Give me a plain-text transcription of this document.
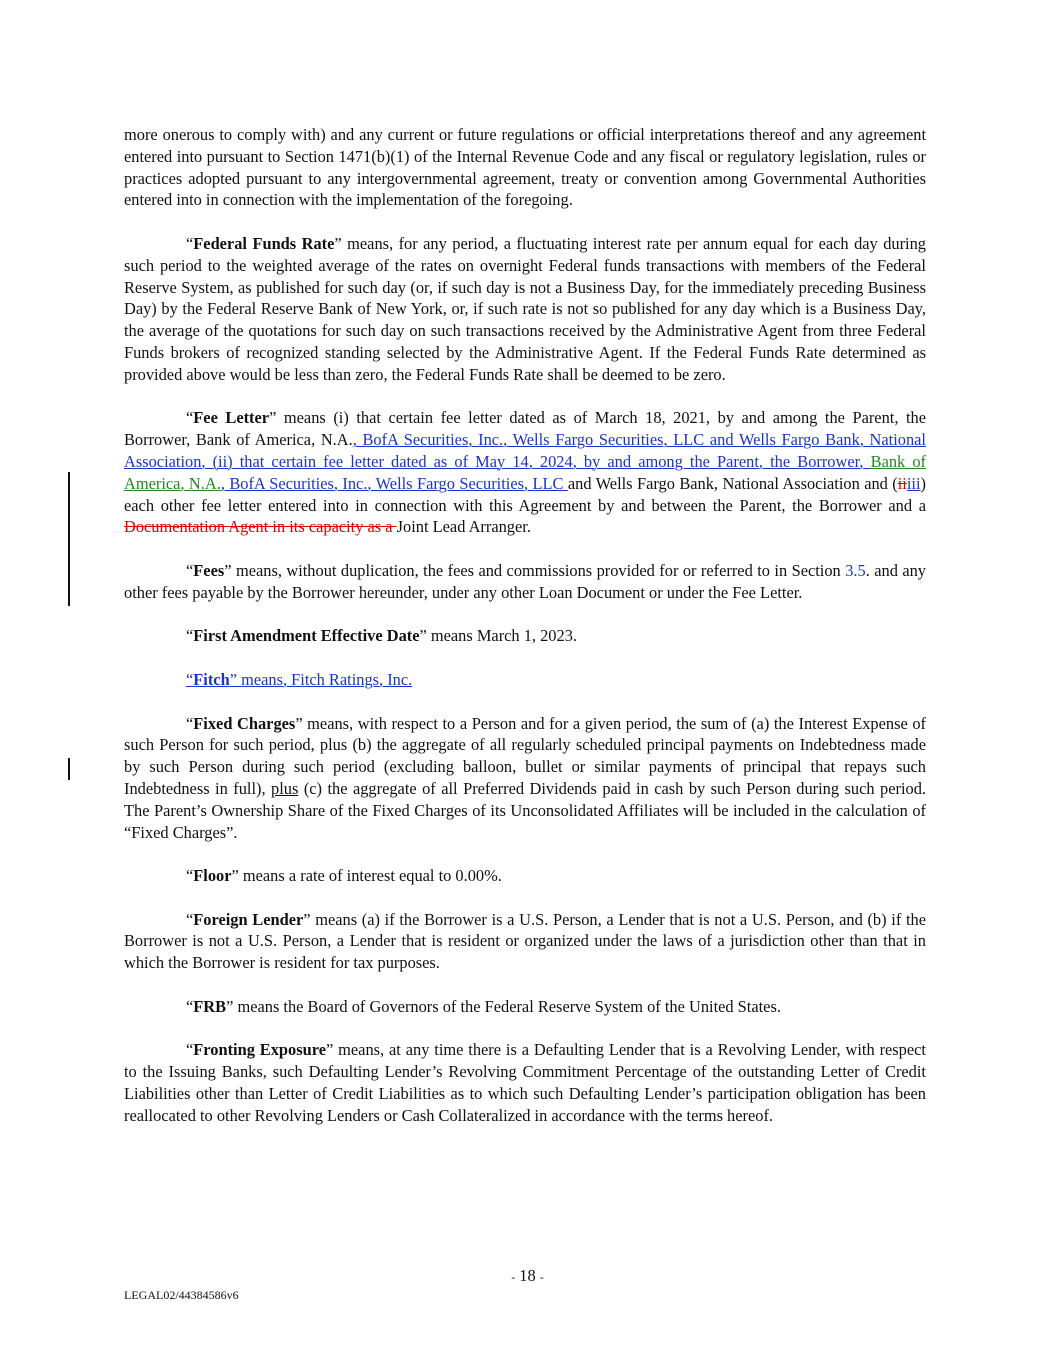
more onerous to comply with) and any current or future regulations or official interpretations thereof and any agreement entered into pursuant to Section 1471(b)(1) of the Internal Revenue Code and any fiscal or regulatory legislation, rules or practices adopted pursuant to any intergovernmental agreement, treaty or convention among Governmental Authorities entered into in connection with the implementation of the foregoing.

“Federal Funds Rate” means, for any period, a fluctuating interest rate per annum equal for each day during such period to the weighted average of the rates on overnight Federal funds transactions with members of the Federal Reserve System, as published for such day (or, if such day is not a Business Day, for the immediately preceding Business Day) by the Federal Reserve Bank of New York, or, if such rate is not so published for any day which is a Business Day, the average of the quotations for such day on such transactions received by the Administrative Agent from three Federal Funds brokers of recognized standing selected by the Administrative Agent. If the Federal Funds Rate determined as provided above would be less than zero, the Federal Funds Rate shall be deemed to be zero.

“Fee Letter” means (i) that certain fee letter dated as of March 18, 2021, by and among the Parent, the Borrower, Bank of America, N.A., BofA Securities, Inc., Wells Fargo Securities, LLC and Wells Fargo Bank, National Association, (ii) that certain fee letter dated as of May 14, 2024, by and among the Parent, the Borrower, Bank of America, N.A., BofA Securities, Inc., Wells Fargo Securities, LLC and Wells Fargo Bank, National Association and (iiiii) each other fee letter entered into in connection with this Agreement by and between the Parent, the Borrower and a Documentation Agent in its capacity as a Joint Lead Arranger.

“Fees” means, without duplication, the fees and commissions provided for or referred to in Section 3.5. and any other fees payable by the Borrower hereunder, under any other Loan Document or under the Fee Letter.

“First Amendment Effective Date” means March 1, 2023.

“Fitch” means, Fitch Ratings, Inc.

“Fixed Charges” means, with respect to a Person and for a given period, the sum of (a) the Interest Expense of such Person for such period, plus (b) the aggregate of all regularly scheduled principal payments on Indebtedness made by such Person during such period (excluding balloon, bullet or similar payments of principal that repays such Indebtedness in full), plus (c) the aggregate of all Preferred Dividends paid in cash by such Person during such period. The Parent’s Ownership Share of the Fixed Charges of its Unconsolidated Affiliates will be included in the calculation of “Fixed Charges”.

“Floor” means a rate of interest equal to 0.00%.

“Foreign Lender” means (a) if the Borrower is a U.S. Person, a Lender that is not a U.S. Person, and (b) if the Borrower is not a U.S. Person, a Lender that is resident or organized under the laws of a jurisdiction other than that in which the Borrower is resident for tax purposes.

“FRB” means the Board of Governors of the Federal Reserve System of the United States.

“Fronting Exposure” means, at any time there is a Defaulting Lender that is a Revolving Lender, with respect to the Issuing Banks, such Defaulting Lender’s Revolving Commitment Percentage of the outstanding Letter of Credit Liabilities other than Letter of Credit Liabilities as to which such Defaulting Lender’s participation obligation has been reallocated to other Revolving Lenders or Cash Collateralized in accordance with the terms hereof.

- 18 -
LEGAL02/44384586v6
